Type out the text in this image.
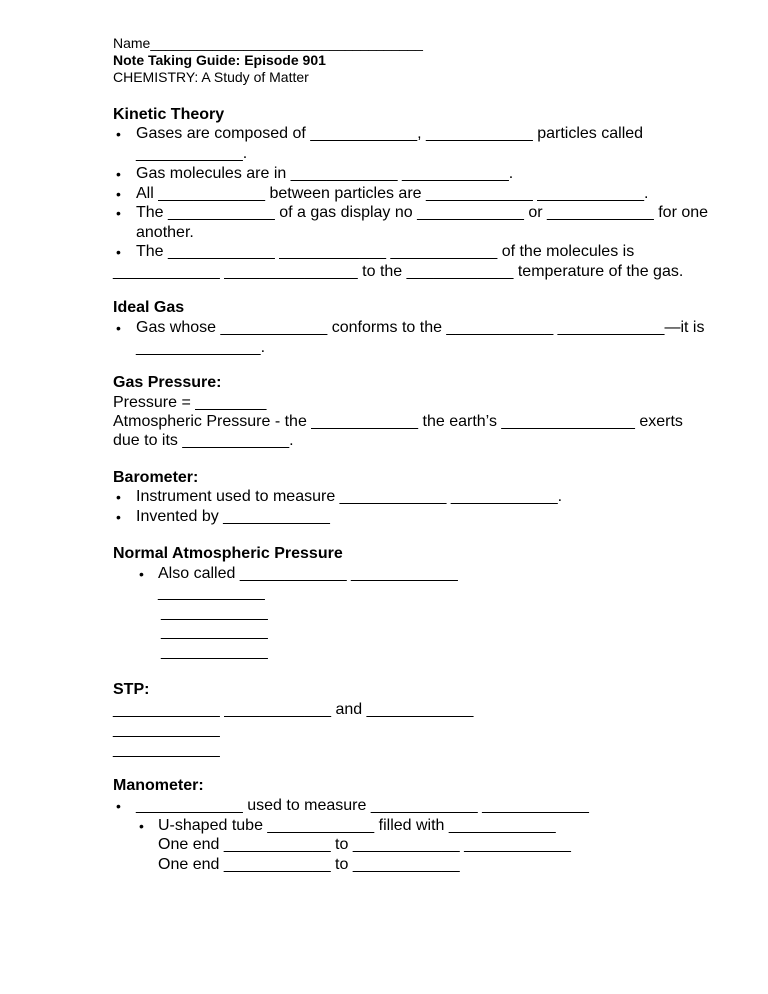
Name___________________________________
Note Taking Guide: Episode 901
CHEMISTRY: A Study of Matter
Kinetic Theory
• Gases are composed of ____________, ____________ particles called
____________.
• Gas molecules are in ____________ ____________.
• All ____________ between particles are ____________ ____________.
• The ____________ of a gas display no ____________ or ____________ for one
another.
• The ____________ ____________ ____________ of the molecules is
____________ _______________ to the ____________ temperature of the gas.
Ideal Gas
• Gas whose ____________ conforms to the ____________ ____________—it is
______________.
Gas Pressure:
Pressure = ________
Atmospheric Pressure - the ____________ the earth’s _______________ exerts
due to its ____________.
Barometer:
• Instrument used to measure ____________ ____________.
• Invented by ____________
Normal Atmospheric Pressure
• Also called ____________ ____________
____________
____________
____________
____________
STP:
____________ ____________ and ____________
____________
____________
Manometer:
• ____________ used to measure ____________ ____________
• U-shaped tube ____________ filled with ____________
One end ____________ to ____________ ____________
One end ____________ to ____________
